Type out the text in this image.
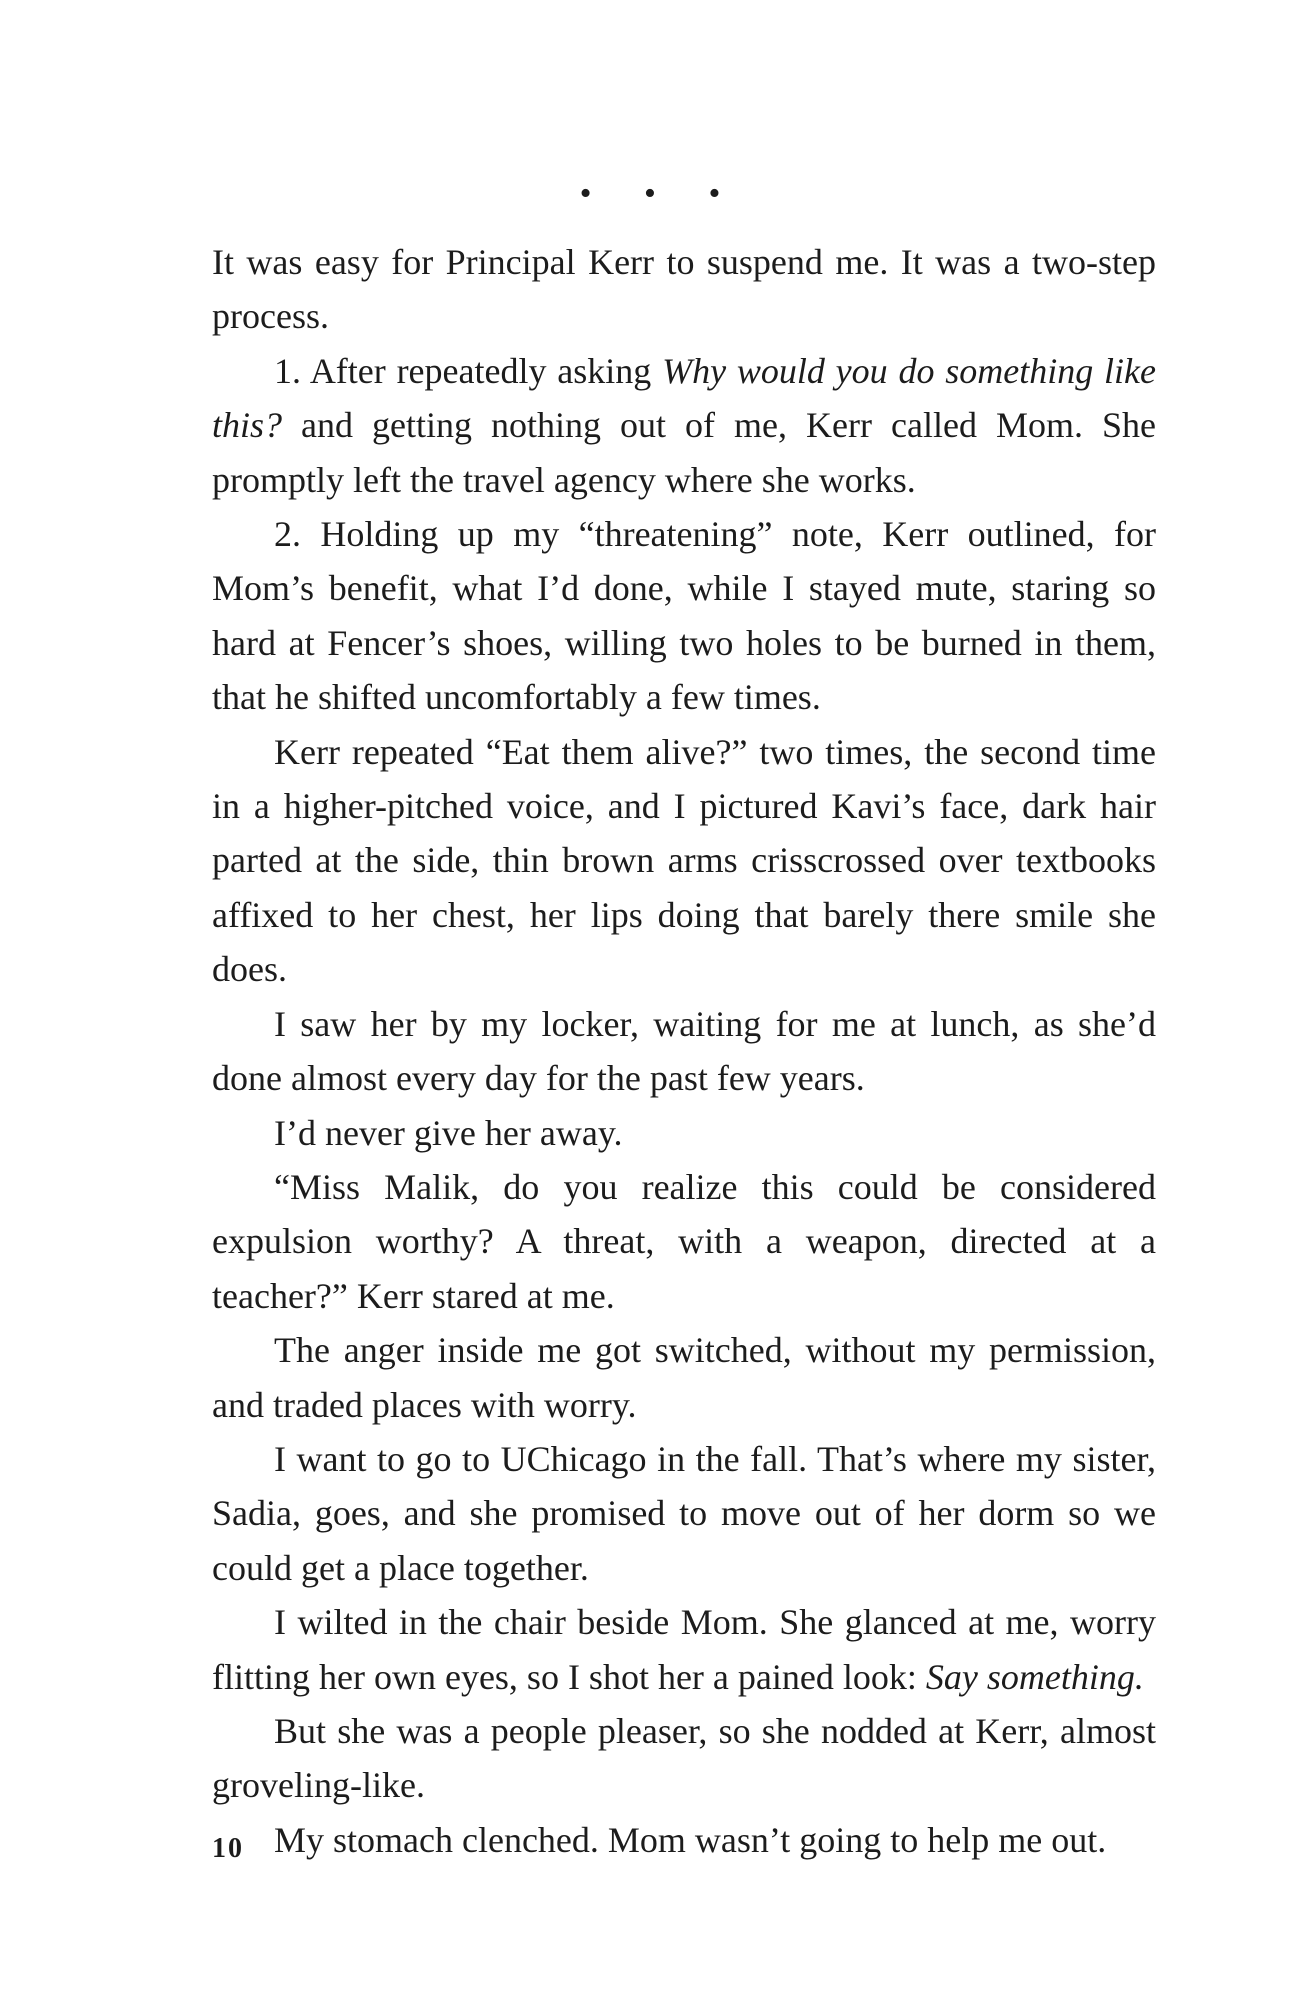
• • •

It was easy for Principal Kerr to suspend me. It was a two-step process.

1. After repeatedly asking Why would you do something like this? and getting nothing out of me, Kerr called Mom. She promptly left the travel agency where she works.

2. Holding up my “threatening” note, Kerr outlined, for Mom’s benefit, what I’d done, while I stayed mute, staring so hard at Fencer’s shoes, willing two holes to be burned in them, that he shifted uncomfortably a few times.

Kerr repeated “Eat them alive?” two times, the second time in a higher-pitched voice, and I pictured Kavi’s face, dark hair parted at the side, thin brown arms crisscrossed over textbooks affixed to her chest, her lips doing that barely there smile she does.

I saw her by my locker, waiting for me at lunch, as she’d done almost every day for the past few years.

I’d never give her away.

“Miss Malik, do you realize this could be considered expulsion worthy? A threat, with a weapon, directed at a teacher?” Kerr stared at me.

The anger inside me got switched, without my permission, and traded places with worry.

I want to go to UChicago in the fall. That’s where my sister, Sadia, goes, and she promised to move out of her dorm so we could get a place together.

I wilted in the chair beside Mom. She glanced at me, worry flitting her own eyes, so I shot her a pained look: Say something.

But she was a people pleaser, so she nodded at Kerr, almost groveling-like.

My stomach clenched. Mom wasn’t going to help me out.

10
